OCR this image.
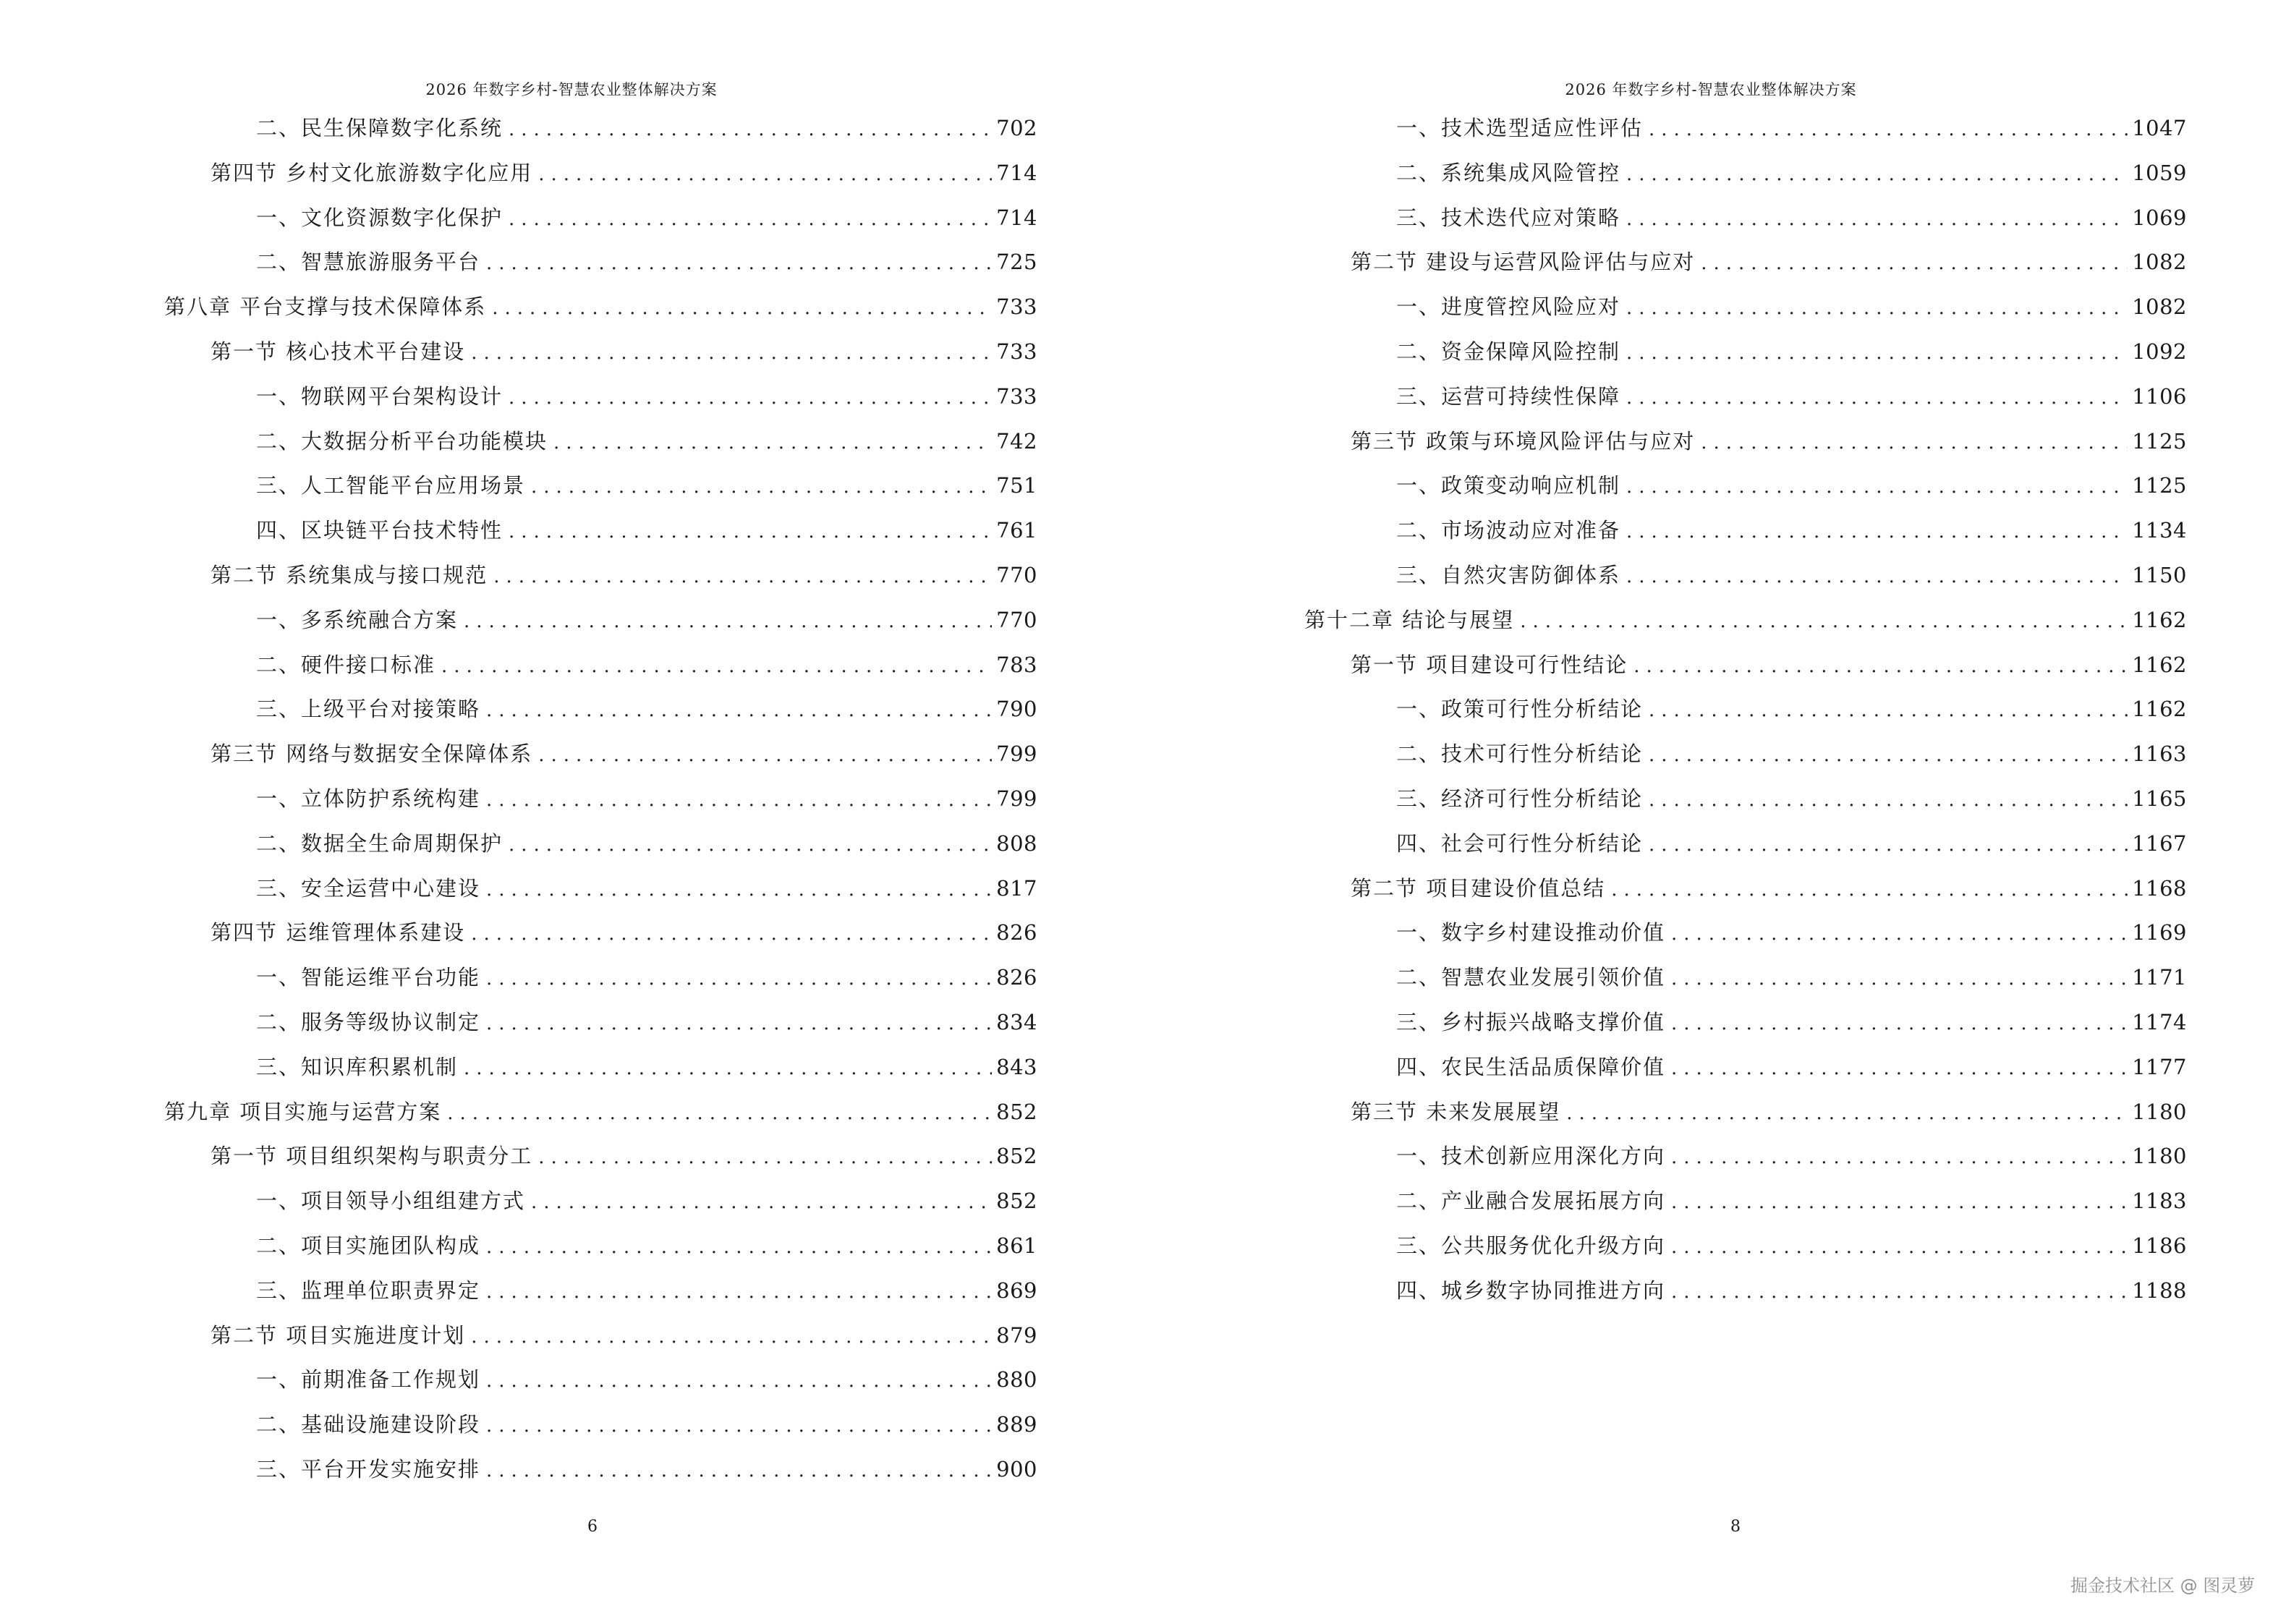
2026 年数字乡村-智慧农业整体解决方案
二、民生保障数字化系统 .....	702
第四节 乡村文化旅游数字化应用 .....	714
一、文化资源数字化保护 .....	714
二、智慧旅游服务平台 .....	725
第八章 平台支撑与技术保障体系 .....	733
第一节 核心技术平台建设 .....	733
一、物联网平台架构设计 .....	733
二、大数据分析平台功能模块 .....	742
三、人工智能平台应用场景 .....	751
四、区块链平台技术特性 .....	761
第二节 系统集成与接口规范 .....	770
一、多系统融合方案 .....	770
二、硬件接口标准 .....	783
三、上级平台对接策略 .....	790
第三节 网络与数据安全保障体系 .....	799
一、立体防护系统构建 .....	799
二、数据全生命周期保护 .....	808
三、安全运营中心建设 .....	817
第四节 运维管理体系建设 .....	826
一、智能运维平台功能 .....	826
二、服务等级协议制定 .....	834
三、知识库积累机制 .....	843
第九章 项目实施与运营方案 .....	852
第一节 项目组织架构与职责分工 .....	852
一、项目领导小组组建方式 .....	852
二、项目实施团队构成 .....	861
三、监理单位职责界定 .....	869
第二节 项目实施进度计划 .....	879
一、前期准备工作规划 .....	880
二、基础设施建设阶段 .....	889
三、平台开发实施安排 .....	900
6
2026 年数字乡村-智慧农业整体解决方案
一、技术选型适应性评估 .....	1047
二、系统集成风险管控 .....	1059
三、技术迭代应对策略 .....	1069
第二节 建设与运营风险评估与应对 .....	1082
一、进度管控风险应对 .....	1082
二、资金保障风险控制 .....	1092
三、运营可持续性保障 .....	1106
第三节 政策与环境风险评估与应对 .....	1125
一、政策变动响应机制 .....	1125
二、市场波动应对准备 .....	1134
三、自然灾害防御体系 .....	1150
第十二章 结论与展望 .....	1162
第一节 项目建设可行性结论 .....	1162
一、政策可行性分析结论 .....	1162
二、技术可行性分析结论 .....	1163
三、经济可行性分析结论 .....	1165
四、社会可行性分析结论 .....	1167
第二节 项目建设价值总结 .....	1168
一、数字乡村建设推动价值 .....	1169
二、智慧农业发展引领价值 .....	1171
三、乡村振兴战略支撑价值 .....	1174
四、农民生活品质保障价值 .....	1177
第三节 未来发展展望 .....	1180
一、技术创新应用深化方向 .....	1180
二、产业融合发展拓展方向 .....	1183
三、公共服务优化升级方向 .....	1186
四、城乡数字协同推进方向 .....	1188
8
掘金技术社区 @ 图灵萝
